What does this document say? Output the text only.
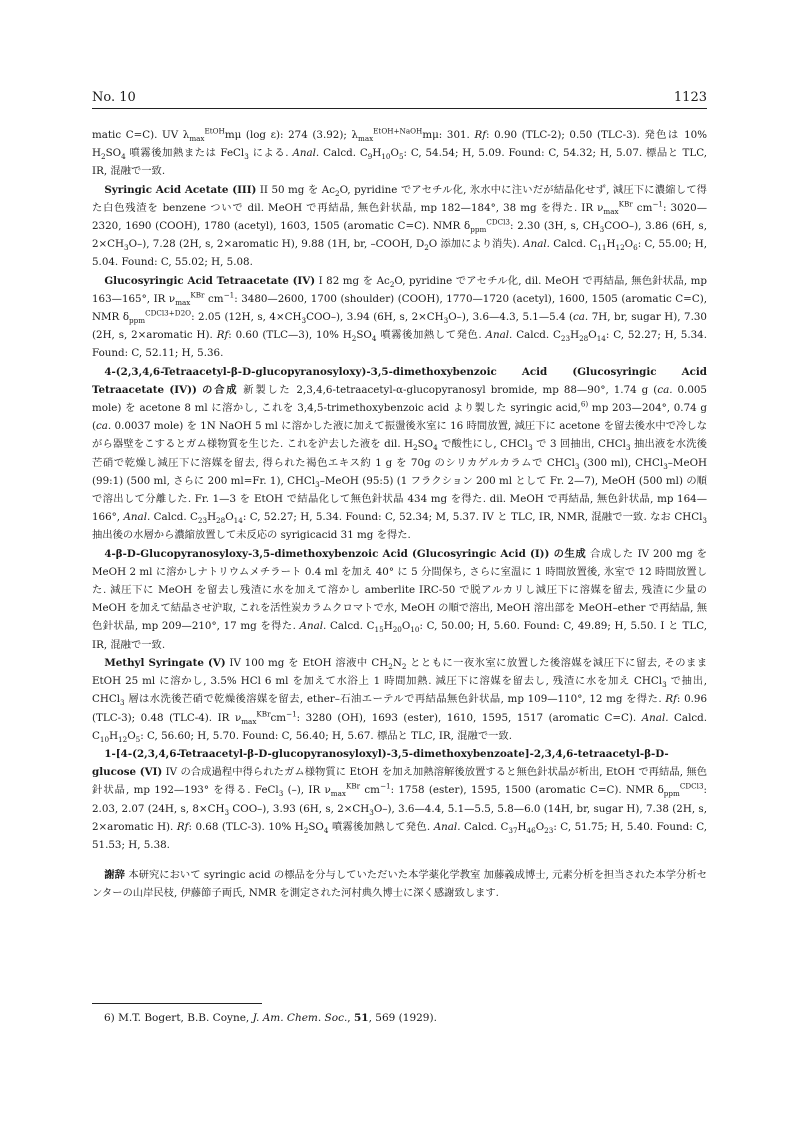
No. 10	1123

matic C=C). UV $\lambda_{max}^{EtOH}m\mu$ (log ε): 274 (3.92); $\lambda_{max}^{EtOH+NaOH}m\mu$: 301. Rf: 0.90 (TLC-2); 0.50 (TLC-3). 発色は 10% $H_2SO_4$ 噴霧後加熱または FeCl$_3$ による. Anal. Calcd. $C_9H_{10}O_5$: C, 54.54; H, 5.09. Found: C, 54.32; H, 5.07. 標品と TLC, IR, 混融で一致.

Syringic Acid Acetate (III) II 50 mg を $Ac_2O$, pyridine でアセチル化, 氷水中に注いだが結晶化せず, 減圧下に濃縮して得た白色残渣を benzene ついで dil. MeOH で再結晶, 無色針状晶, mp 182—184°, 38 mg を得た. IR $\nu_{max}^{KBr}$ $cm^{-1}$: 3020—2320, 1690 (COOH), 1780 (acetyl), 1603, 1505 (aromatic C=C). NMR $\delta_{ppm}^{CDCl3}$: 2.30 (3H, s, $CH_3COO-$), 3.86 (6H, s, $2\times CH_3O-$), 7.28 (2H, s, 2×aromatic H), 9.88 (1H, br, –COOH, $D_2O$ 添加により消失). Anal. Calcd. $C_{11}H_{12}O_6$: C, 55.00; H, 5.04. Found: C, 55.02; H, 5.08.

Glucosyringic Acid Tetraacetate (IV) I 82 mg を $Ac_2O$, pyridine でアセチル化, dil. MeOH で再結晶, 無色針状晶, mp 163—165°, IR $\nu_{max}^{KBr}$ $cm^{-1}$: 3480—2600, 1700 (shoulder) (COOH), 1770—1720 (acetyl), 1600, 1505 (aromatic C=C), NMR $\delta_{ppm}^{CDCl3+D2O}$: 2.05 (12H, s, $4\times CH_3COO-$), 3.94 (6H, s, $2\times CH_3O-$), 3.6—4.3, 5.1—5.4 (ca. 7H, br, sugar H), 7.30 (2H, s, 2×aromatic H). Rf: 0.60 (TLC—3), 10% $H_2SO_4$ 噴霧後加熱して発色. Anal. Calcd. $C_{23}H_{28}O_{14}$: C, 52.27; H, 5.34. Found: C, 52.11; H, 5.36.

4-(2,3,4,6-Tetraacetyl-β-D-glucopyranosyloxy)-3,5-dimethoxybenzoic Acid (Glucosyringic Acid Tetraacetate (IV)) の合成 新製した 2,3,4,6-tetraacetyl-α-glucopyranosyl bromide, mp 88—90°, 1.74 g (ca. 0.005 mole) を acetone 8 ml に溶かし, これを 3,4,5-trimethoxybenzoic acid より製した syringic acid,$^{6)}$ mp 203—204°, 0.74 g (ca. 0.0037 mole) を 1N NaOH 5 ml に溶かした液に加えて振盪後氷室に 16 時間放置, 減圧下に acetone を留去後水中で冷しながら器壁をこするとガム様物質を生じた. これを沪去した液を dil. $H_2SO_4$ で酸性にし, CHCl$_3$ で 3 回抽出, CHCl$_3$ 抽出液を水洗後芒硝で乾燥し減圧下に溶媒を留去, 得られた褐色エキス約 1 g を 70g のシリカゲルカラムで CHCl$_3$ (300 ml), CHCl$_3$–MeOH (99:1) (500 ml, さらに 200 ml=Fr. 1), CHCl$_3$–MeOH (95:5) (1 フラクション 200 ml として Fr. 2—7), MeOH (500 ml) の順で溶出して分離した. Fr. 1—3 を EtOH で結晶化して無色針状晶 434 mg を得た. dil. MeOH で再結晶, 無色針状晶, mp 164—166°, Anal. Calcd. $C_{23}H_{28}O_{14}$: C, 52.27; H, 5.34. Found: C, 52.34; M, 5.37. IV と TLC, IR, NMR, 混融で一致. なお CHCl$_3$ 抽出後の水層から濃縮放置して未反応の syrigicacid 31 mg を得た.

4-β-D-Glucopyranosyloxy-3,5-dimethoxybenzoic Acid (Glucosyringic Acid (I)) の生成 合成した IV 200 mg を MeOH 2 ml に溶かしナトリウムメチラート 0.4 ml を加え 40° に 5 分間保ち, さらに室温に 1 時間放置後, 氷室で 12 時間放置した. 減圧下に MeOH を留去し残渣に水を加えて溶かし amberlite IRC-50 で脱アルカリし減圧下に溶媒を留去, 残渣に少量の MeOH を加えて結晶させ沪取, これを活性炭カラムクロマトで水, MeOH の順で溶出, MeOH 溶出部を MeOH–ether で再結晶, 無色針状晶, mp 209—210°, 17 mg を得た. Anal. Calcd. $C_{15}H_{20}O_{10}$: C, 50.00; H, 5.60. Found: C, 49.89; H, 5.50. I と TLC, IR, 混融で一致.

Methyl Syringate (V) IV 100 mg を EtOH 溶液中 $CH_2N_2$ とともに一夜氷室に放置した後溶媒を減圧下に留去, そのまま EtOH 25 ml に溶かし, 3.5% HCl 6 ml を加えて水浴上 1 時間加熱. 減圧下に溶媒を留去し, 残渣に水を加え CHCl$_3$ で抽出, CHCl$_3$ 層は水洗後芒硝で乾燥後溶媒を留去, ether–石油エーテルで再結晶無色針状晶, mp 109—110°, 12 mg を得た. Rf: 0.96 (TLC-3); 0.48 (TLC-4). IR $\nu_{max}^{KBr}cm^{-1}$: 3280 (OH), 1693 (ester), 1610, 1595, 1517 (aromatic C=C). Anal. Calcd. $C_{10}H_{12}O_5$: C, 56.60; H, 5.70. Found: C, 56.40; H, 5.67. 標品と TLC, IR, 混融で一致.

1-[4-(2,3,4,6-Tetraacetyl-β-D-glucopyranosyloxyl)-3,5-dimethoxybenzoate]-2,3,4,6-tetraacetyl-β-D-glucose (VI) IV の合成過程中得られたガム様物質に EtOH を加え加熱溶解後放置すると無色針状晶が析出, EtOH で再結晶, 無色針状晶, mp 192—193° を得る. FeCl$_3$ (–), IR $\nu_{max}^{KBr}$ $cm^{-1}$: 1758 (ester), 1595, 1500 (aromatic C=C). NMR $\delta_{ppm}^{CDCl3}$: 2.03, 2.07 (24H, s, $8\times CH_3$ COO–), 3.93 (6H, s, $2\times CH_3O-$), 3.6—4.4, 5.1—5.5, 5.8—6.0 (14H, br, sugar H), 7.38 (2H, s, 2×aromatic H). Rf: 0.68 (TLC-3). 10% $H_2SO_4$ 噴霧後加熱して発色. Anal. Calcd. $C_{37}H_{46}O_{23}$: C, 51.75; H, 5.40. Found: C, 51.53; H, 5.38.

謝辞 本研究において syringic acid の標品を分与していただいた本学薬化学教室 加藤義成博士, 元素分析を担当された本学分析センターの山岸民枝, 伊藤節子両氏, NMR を測定された河村典久博士に深く感謝致します.

6) M.T. Bogert, B.B. Coyne, J. Am. Chem. Soc., 51, 569 (1929).
